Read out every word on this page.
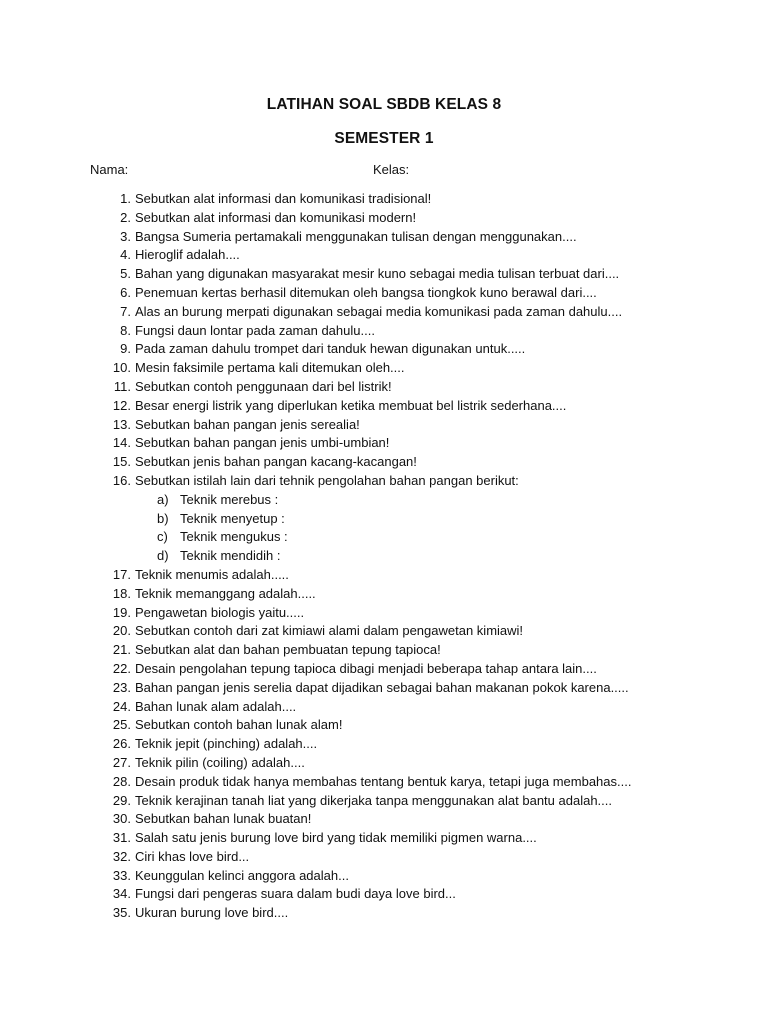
LATIHAN SOAL SBDB KELAS 8
SEMESTER 1
Nama:	Kelas:
1. Sebutkan alat informasi dan komunikasi tradisional!
2. Sebutkan alat informasi dan komunikasi modern!
3. Bangsa Sumeria pertamakali menggunakan tulisan dengan menggunakan....
4. Hieroglif adalah....
5. Bahan yang digunakan masyarakat mesir kuno sebagai media tulisan terbuat dari....
6. Penemuan kertas berhasil ditemukan oleh bangsa tiongkok kuno berawal dari....
7. Alas an burung merpati digunakan sebagai media komunikasi pada zaman dahulu....
8. Fungsi daun lontar pada zaman dahulu....
9. Pada zaman dahulu trompet dari tanduk hewan digunakan untuk.....
10. Mesin faksimile pertama kali ditemukan oleh....
11. Sebutkan contoh penggunaan dari bel listrik!
12. Besar energi listrik yang diperlukan ketika membuat bel listrik sederhana....
13. Sebutkan bahan pangan jenis serealia!
14. Sebutkan bahan pangan jenis umbi-umbian!
15. Sebutkan jenis bahan pangan kacang-kacangan!
16. Sebutkan istilah lain dari tehnik pengolahan bahan pangan berikut:
a) Teknik merebus :
b) Teknik menyetup :
c) Teknik mengukus :
d) Teknik mendidih :
17. Teknik menumis adalah.....
18. Teknik memanggang adalah.....
19. Pengawetan biologis yaitu.....
20. Sebutkan contoh dari zat kimiawi alami dalam pengawetan kimiawi!
21. Sebutkan alat dan bahan pembuatan tepung tapioca!
22. Desain pengolahan tepung tapioca dibagi menjadi beberapa tahap antara lain....
23. Bahan pangan jenis serelia dapat dijadikan sebagai bahan makanan pokok karena.....
24. Bahan lunak alam adalah....
25. Sebutkan contoh bahan lunak alam!
26. Teknik jepit (pinching) adalah....
27. Teknik pilin (coiling) adalah....
28. Desain produk tidak hanya membahas tentang bentuk karya, tetapi juga membahas....
29. Teknik kerajinan tanah liat yang dikerjaka tanpa menggunakan alat bantu adalah....
30. Sebutkan bahan lunak buatan!
31. Salah satu jenis burung love bird yang tidak memiliki pigmen warna....
32. Ciri khas love bird...
33. Keunggulan kelinci anggora adalah...
34. Fungsi dari pengeras suara dalam budi daya love bird...
35. Ukuran burung love bird....
